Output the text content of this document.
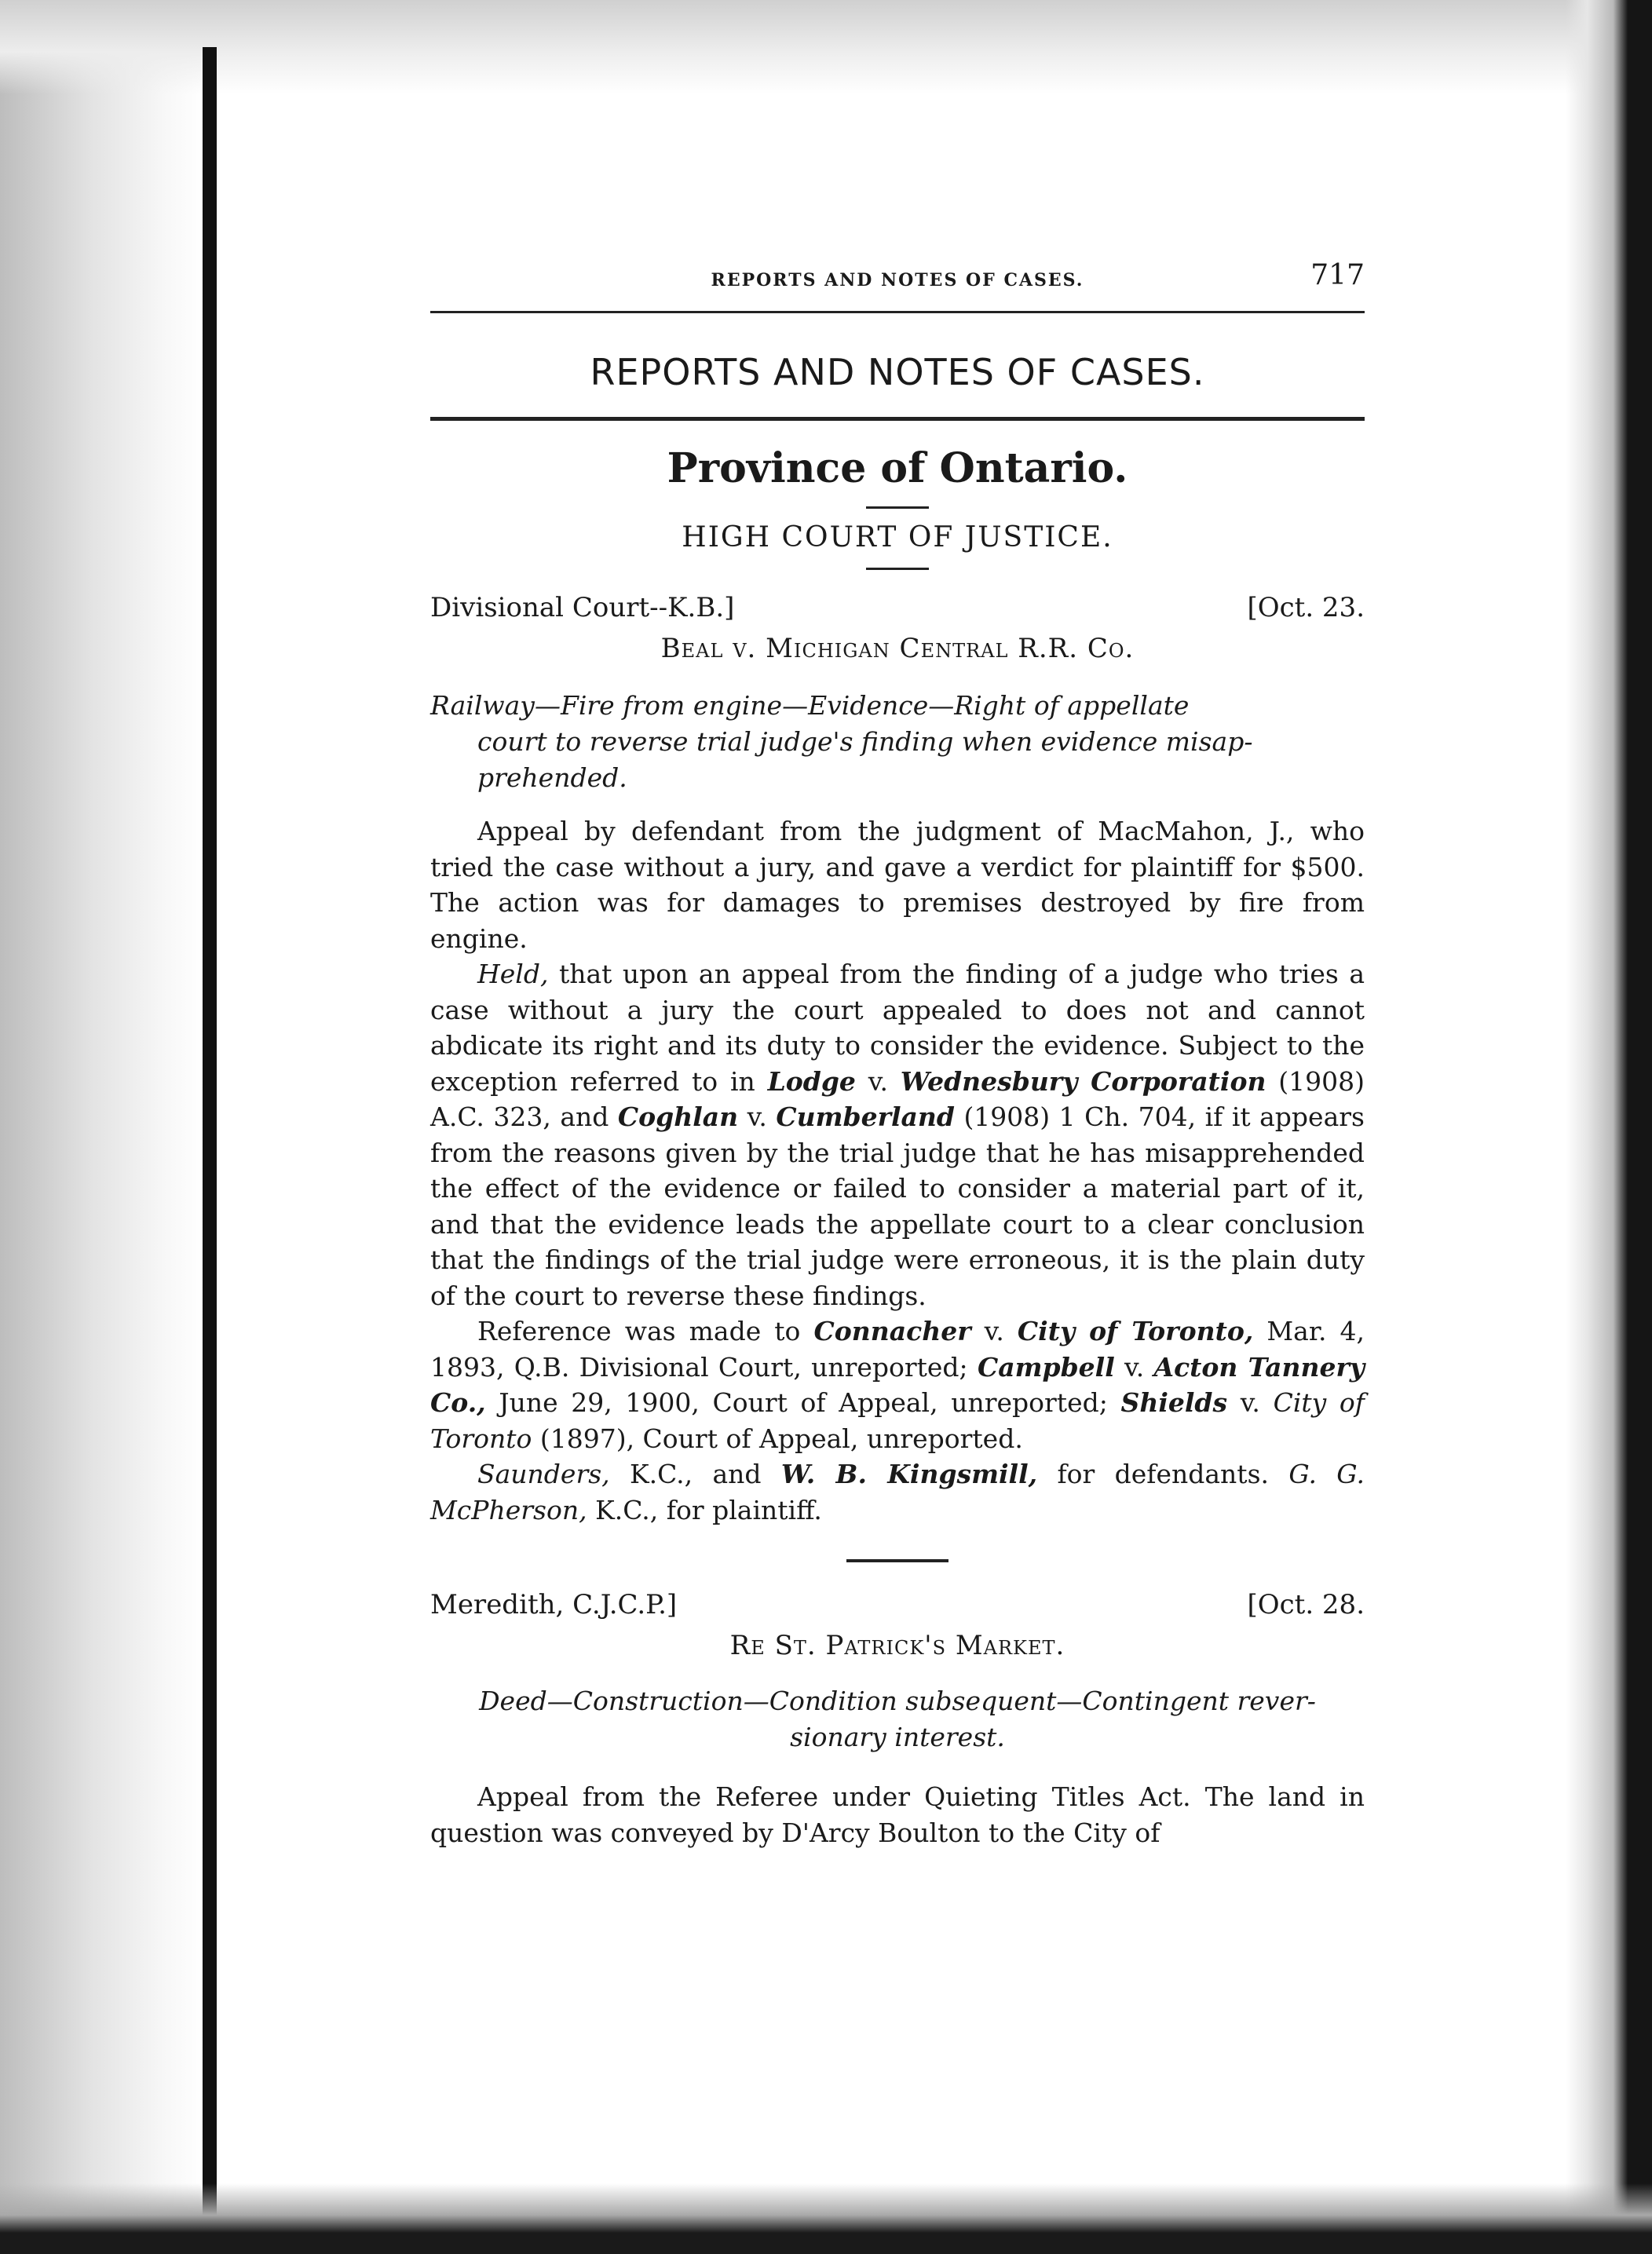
REPORTS AND NOTES OF CASES.	717
REPORTS AND NOTES OF CASES.
Province of Ontario.
HIGH COURT OF JUSTICE.
Divisional Court--K.B.]	[Oct. 23.
Beal v. Michigan Central R.R. Co.
Railway—Fire from engine—Evidence—Right of appellate
court to reverse trial judge's finding when evidence misap-
prehended.

Appeal by defendant from the judgment of MacMahon, J., who tried the case without a jury, and gave a verdict for plaintiff for $500. The action was for damages to premises destroyed by fire from engine.

Held, that upon an appeal from the finding of a judge who tries a case without a jury the court appealed to does not and cannot abdicate its right and its duty to consider the evidence. Subject to the exception referred to in Lodge v. Wednesbury Corporation (1908) A.C. 323, and Coghlan v. Cumberland (1908) 1 Ch. 704, if it appears from the reasons given by the trial judge that he has misapprehended the effect of the evidence or failed to consider a material part of it, and that the evidence leads the appellate court to a clear conclusion that the findings of the trial judge were erroneous, it is the plain duty of the court to reverse these findings.

Reference was made to Connacher v. City of Toronto, Mar. 4, 1893, Q.B. Divisional Court, unreported; Campbell v. Acton Tannery Co., June 29, 1900, Court of Appeal, unreported; Shields v. City of Toronto (1897), Court of Appeal, unreported.

Saunders, K.C., and W. B. Kingsmill, for defendants. G. G. McPherson, K.C., for plaintiff.

Meredith, C.J.C.P.]	[Oct. 28.
Re St. Patrick's Market.
Deed—Construction—Condition subsequent—Contingent rever-
sionary interest.

Appeal from the Referee under Quieting Titles Act. The land in question was conveyed by D'Arcy Boulton to the City of
